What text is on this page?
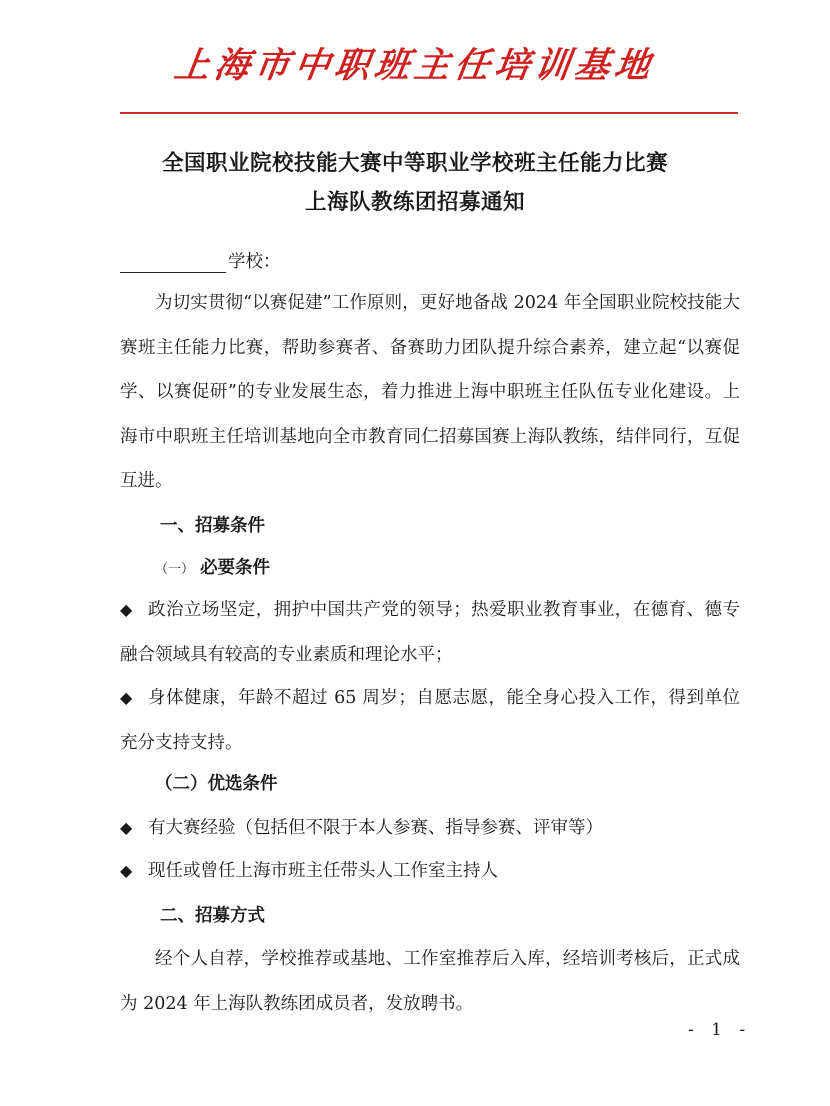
上海市中职班主任培训基地
全国职业院校技能大赛中等职业学校班主任能力比赛
上海队教练团招募通知
学校：
为切实贯彻“以赛促建”工作原则，更好地备战 2024 年全国职业院校技能大赛班主任能力比赛，帮助参赛者、备赛助力团队提升综合素养，建立起“以赛促学、以赛促研”的专业发展生态，着力推进上海中职班主任队伍专业化建设。上海市中职班主任培训基地向全市教育同仁招募国赛上海队教练，结伴同行，互促互进。
一、招募条件
（一） 必要条件
◆ 政治立场坚定，拥护中国共产党的领导；热爱职业教育事业，在德育、德专融合领域具有较高的专业素质和理论水平；
◆ 身体健康，年龄不超过 65 周岁；自愿志愿，能全身心投入工作，得到单位充分支持支持。
（二）优选条件
◆ 有大赛经验（包括但不限于本人参赛、指导参赛、评审等）
◆ 现任或曾任上海市班主任带头人工作室主持人
二、招募方式
经个人自荐，学校推荐或基地、工作室推荐后入库，经培训考核后，正式成为 2024 年上海队教练团成员者，发放聘书。
- 1 -
